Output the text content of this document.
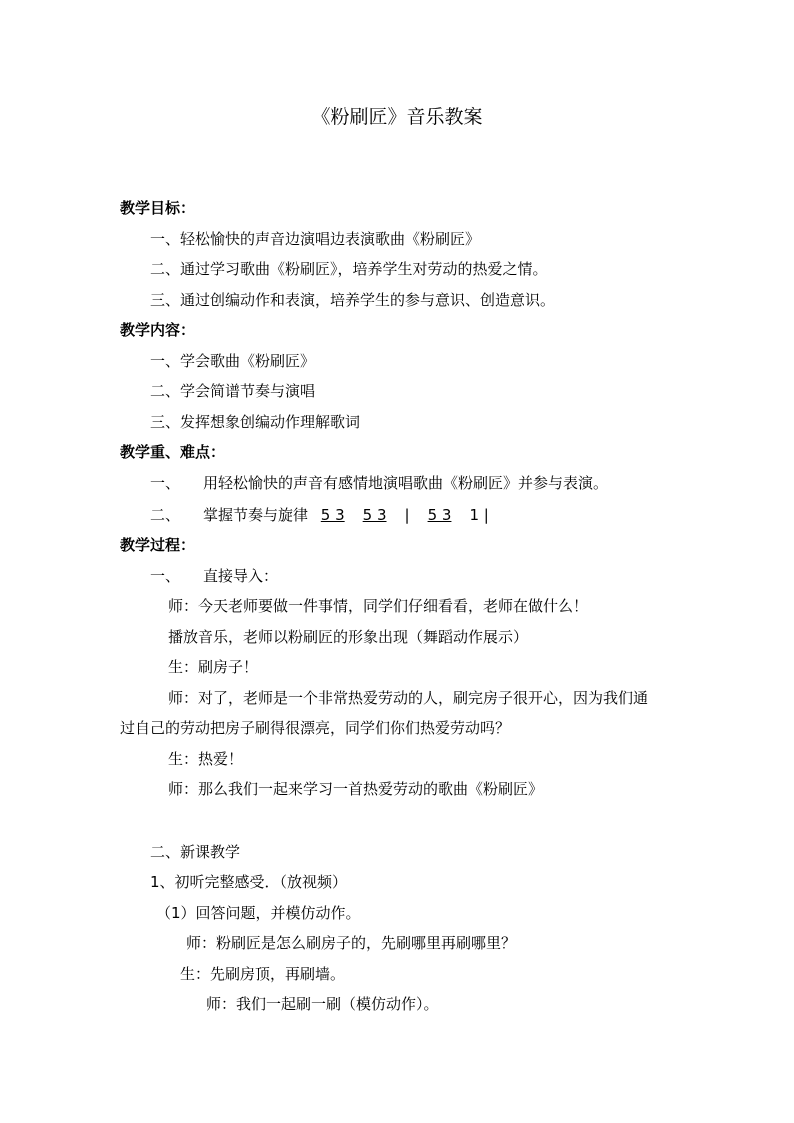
《粉刷匠》音乐教案
教学目标：
一、轻松愉快的声音边演唱边表演歌曲《粉刷匠》
二、通过学习歌曲《粉刷匠》，培养学生对劳动的热爱之情。
三、通过创编动作和表演，培养学生的参与意识、创造意识。
教学内容：
一、学会歌曲《粉刷匠》
二、学会简谱节奏与演唱
三、发挥想象创编动作理解歌词
教学重、难点：
一、 用轻松愉快的声音有感情地演唱歌曲《粉刷匠》并参与表演。
二、 掌握节奏与旋律 5 3 5 3 | 5 3 1 |
教学过程：
一、 直接导入：
师：今天老师要做一件事情，同学们仔细看看，老师在做什么！
播放音乐，老师以粉刷匠的形象出现（舞蹈动作展示）
生：刷房子！
师：对了，老师是一个非常热爱劳动的人，刷完房子很开心，因为我们通
过自己的劳动把房子刷得很漂亮，同学们你们热爱劳动吗？
生：热爱！
师：那么我们一起来学习一首热爱劳动的歌曲《粉刷匠》
二、新课教学
1、初听完整感受．（放视频）
（1）回答问题，并模仿动作。
师：粉刷匠是怎么刷房子的，先刷哪里再刷哪里？
生：先刷房顶，再刷墙。
师：我们一起刷一刷（模仿动作）。
